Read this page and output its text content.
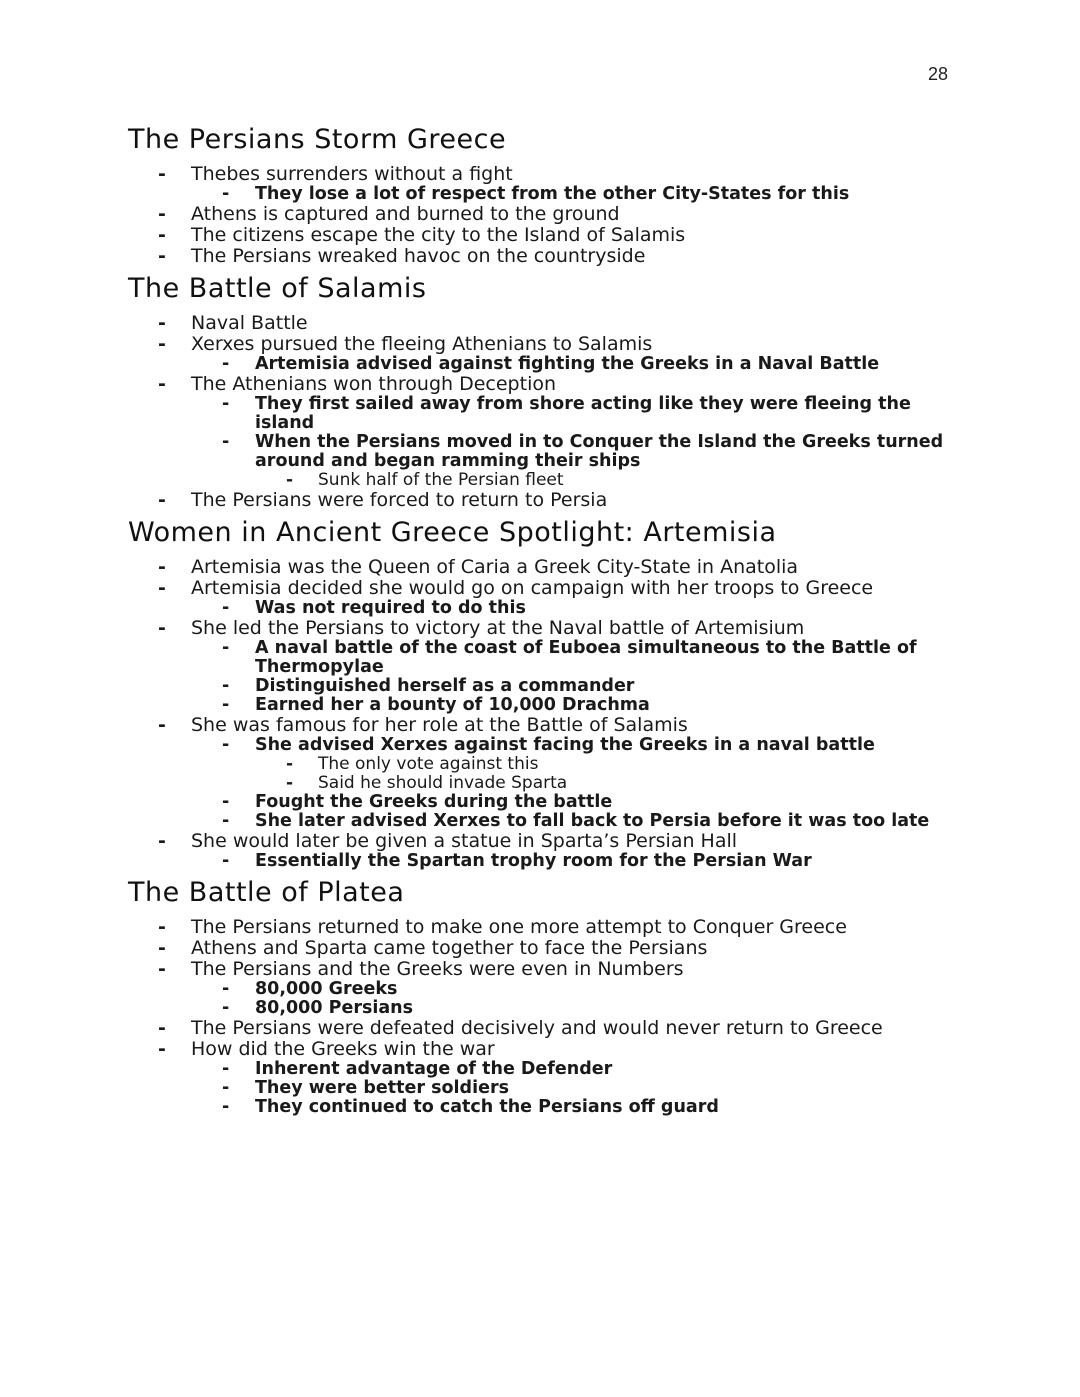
28
The Persians Storm Greece
- Thebes surrenders without a fight
- They lose a lot of respect from the other City-States for this
- Athens is captured and burned to the ground
- The citizens escape the city to the Island of Salamis
- The Persians wreaked havoc on the countryside
The Battle of Salamis
- Naval Battle
- Xerxes pursued the fleeing Athenians to Salamis
- Artemisia advised against fighting the Greeks in a Naval Battle
- The Athenians won through Deception
- They first sailed away from shore acting like they were fleeing the island
- When the Persians moved in to Conquer the Island the Greeks turned around and began ramming their ships
- Sunk half of the Persian fleet
- The Persians were forced to return to Persia
Women in Ancient Greece Spotlight: Artemisia
- Artemisia was the Queen of Caria a Greek City-State in Anatolia
- Artemisia decided she would go on campaign with her troops to Greece
- Was not required to do this
- She led the Persians to victory at the Naval battle of Artemisium
- A naval battle of the coast of Euboea simultaneous to the Battle of Thermopylae
- Distinguished herself as a commander
- Earned her a bounty of 10,000 Drachma
- She was famous for her role at the Battle of Salamis
- She advised Xerxes against facing the Greeks in a naval battle
- The only vote against this
- Said he should invade Sparta
- Fought the Greeks during the battle
- She later advised Xerxes to fall back to Persia before it was too late
- She would later be given a statue in Sparta’s Persian Hall
- Essentially the Spartan trophy room for the Persian War
The Battle of Platea
- The Persians returned to make one more attempt to Conquer Greece
- Athens and Sparta came together to face the Persians
- The Persians and the Greeks were even in Numbers
- 80,000 Greeks
- 80,000 Persians
- The Persians were defeated decisively and would never return to Greece
- How did the Greeks win the war
- Inherent advantage of the Defender
- They were better soldiers
- They continued to catch the Persians off guard
